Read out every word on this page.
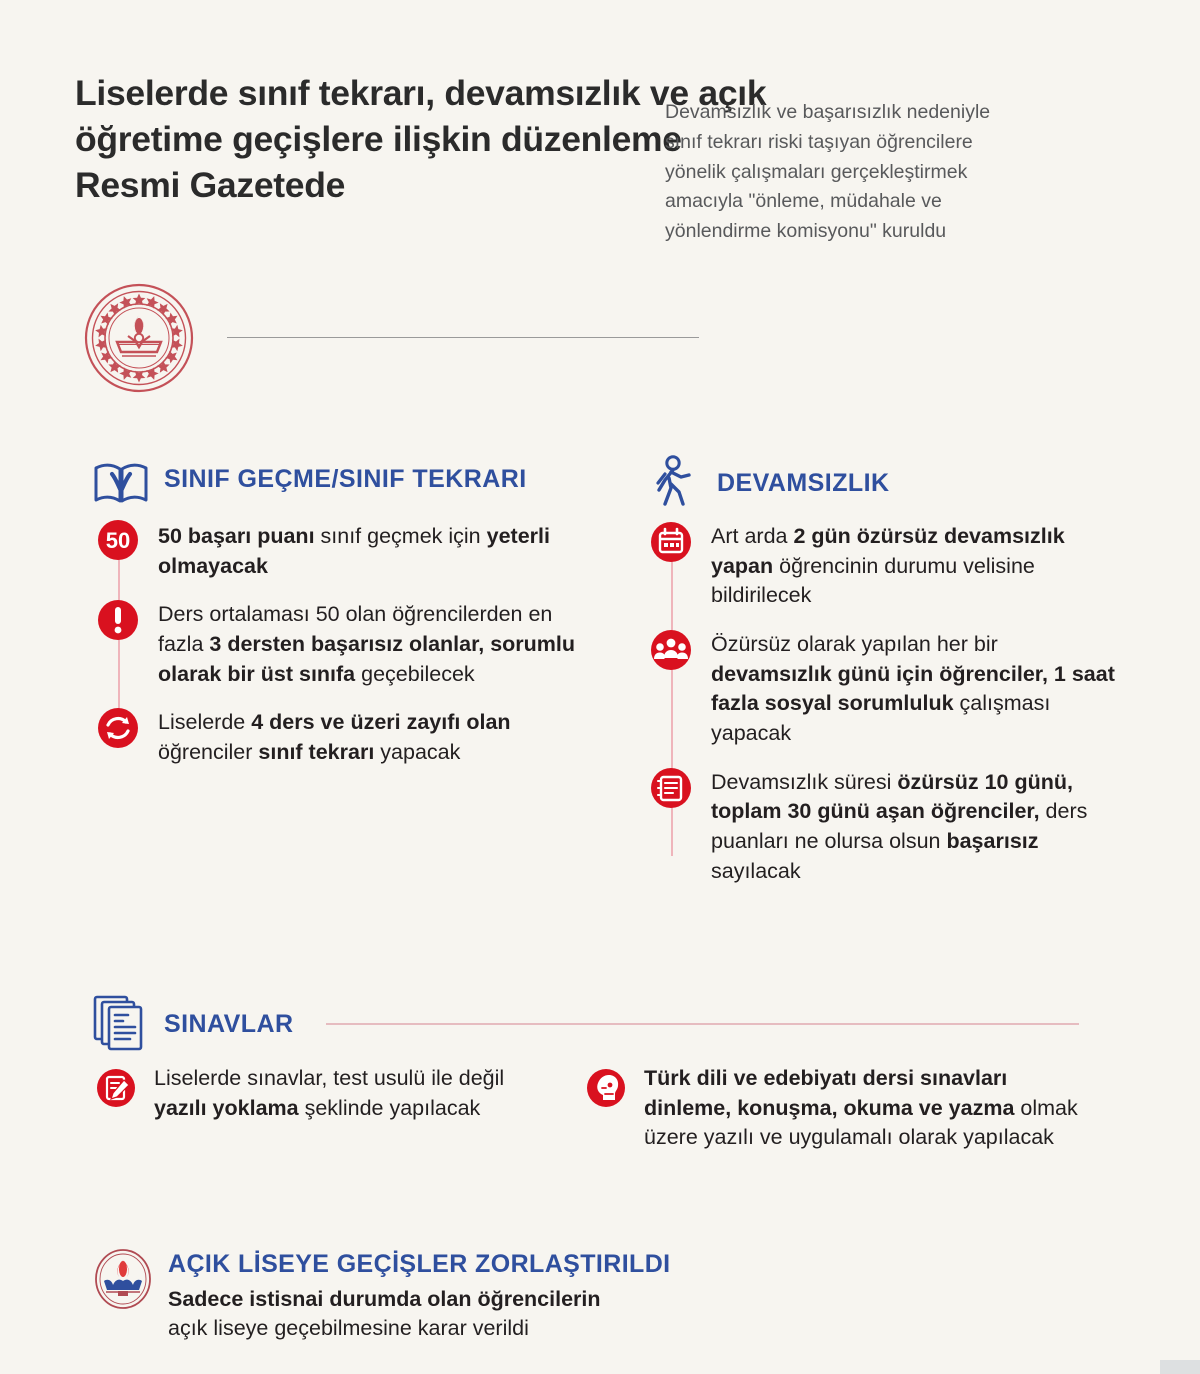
Liselerde sınıf tekrarı, devamsızlık ve açık öğretime geçişlere ilişkin düzenleme Resmi Gazetede
Devamsızlık ve başarısızlık nedeniyle sınıf tekrarı riski taşıyan öğrencilere yönelik çalışmaları gerçekleştirmek amacıyla "önleme, müdahale ve yönlendirme komisyonu" kuruldu
SINIF GEÇME/SINIF TEKRARI
50 50 başarı puanı sınıf geçmek için yeterli olmayacak
Ders ortalaması 50 olan öğrencilerden en fazla 3 dersten başarısız olanlar, sorumlu olarak bir üst sınıfa geçebilecek
Liselerde 4 ders ve üzeri zayıfı olan öğrenciler sınıf tekrarı yapacak
DEVAMSIZLIK
Art arda 2 gün özürsüz devamsızlık yapan öğrencinin durumu velisine bildirilecek
Özürsüz olarak yapılan her bir devamsızlık günü için öğrenciler, 1 saat fazla sosyal sorumluluk çalışması yapacak
Devamsızlık süresi özürsüz 10 günü, toplam 30 günü aşan öğrenciler, ders puanları ne olursa olsun başarısız sayılacak
SINAVLAR
Liselerde sınavlar, test usulü ile değil yazılı yoklama şeklinde yapılacak
Türk dili ve edebiyatı dersi sınavları dinleme, konuşma, okuma ve yazma olmak üzere yazılı ve uygulamalı olarak yapılacak
AÇIK LİSEYE GEÇİŞLER ZORLAŞTIRILDI
Sadece istisnai durumda olan öğrencilerin
açık liseye geçebilmesine karar verildi
